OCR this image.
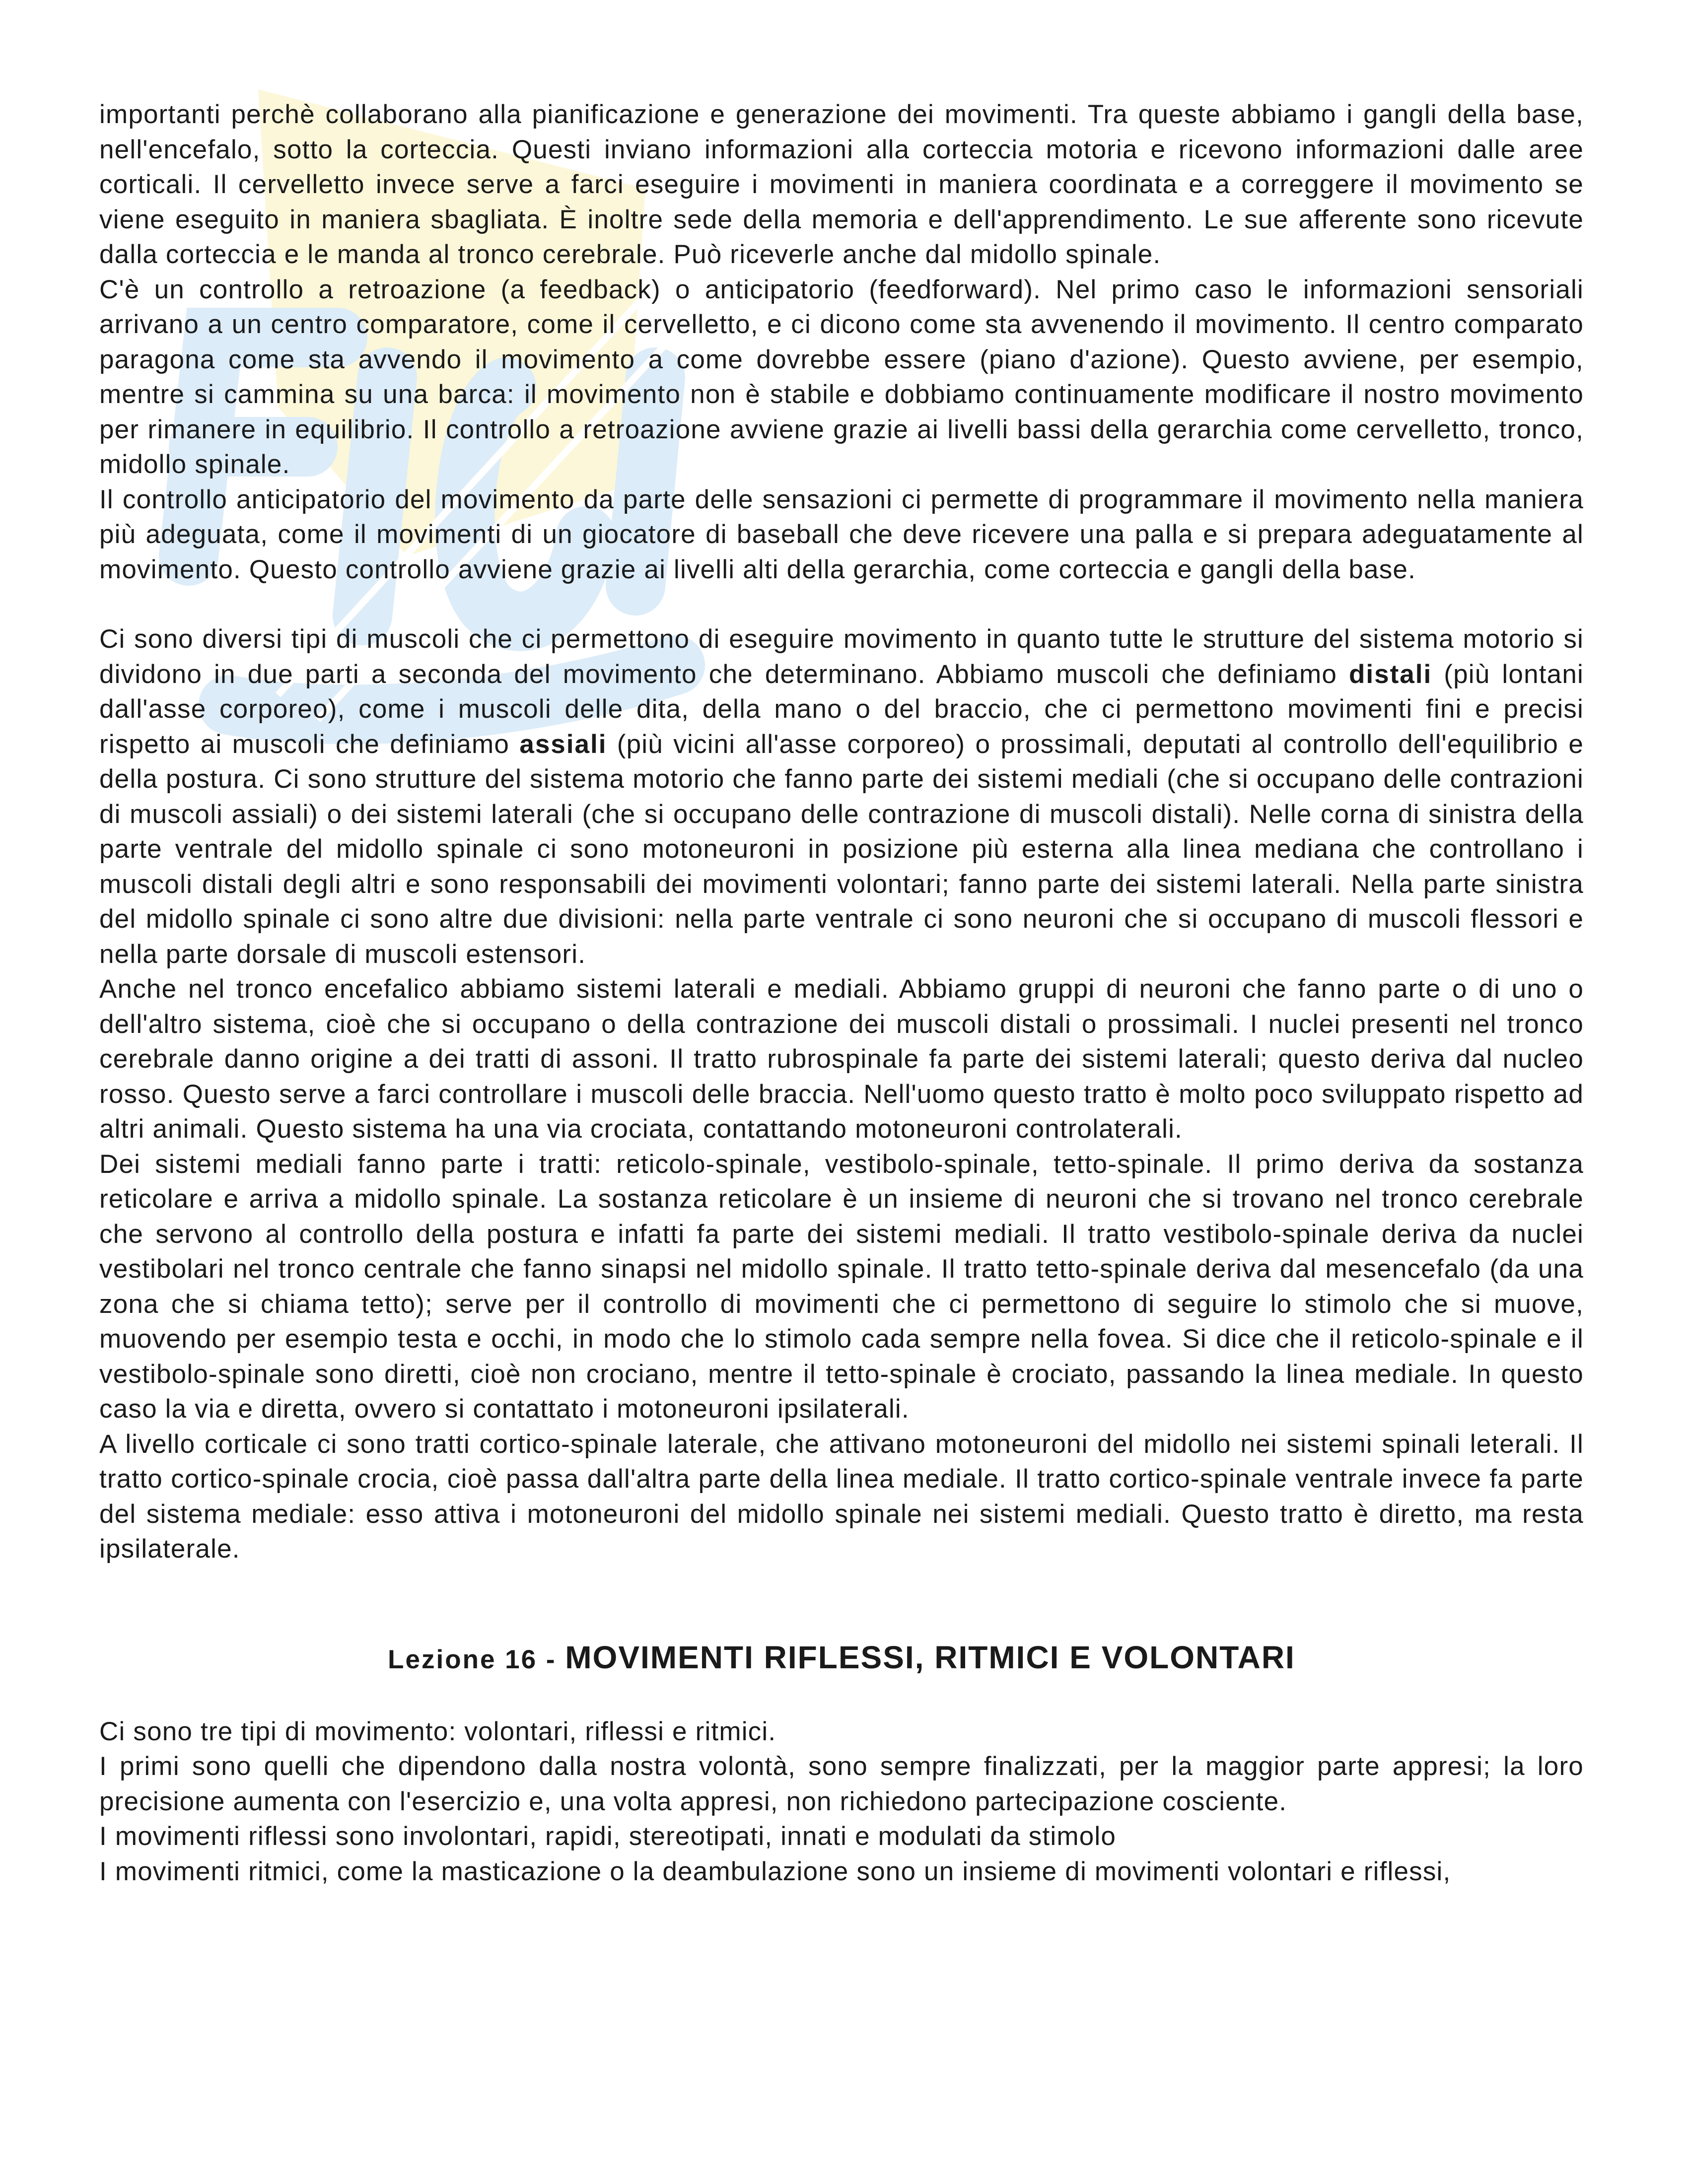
importanti perchè collaborano alla pianificazione e generazione dei movimenti. Tra queste abbiamo i gangli della base, nell'encefalo, sotto la corteccia. Questi inviano informazioni alla corteccia motoria e ricevono informazioni dalle aree corticali. Il cervelletto invece serve a farci eseguire i movimenti in maniera coordinata e a correggere il movimento se viene eseguito in maniera sbagliata. È inoltre sede della memoria e dell'apprendimento. Le sue afferente sono ricevute dalla corteccia e le manda al tronco cerebrale. Può riceverle anche dal midollo spinale.

C'è un controllo a retroazione (a feedback) o anticipatorio (feedforward). Nel primo caso le informazioni sensoriali arrivano a un centro comparatore, come il cervelletto, e ci dicono come sta avvenendo il movimento. Il centro comparato paragona come sta avvendo il movimento a come dovrebbe essere (piano d'azione). Questo avviene, per esempio, mentre si cammina su una barca: il movimento non è stabile e dobbiamo continuamente modificare il nostro movimento per rimanere in equilibrio. Il controllo a retroazione avviene grazie ai livelli bassi della gerarchia come cervelletto, tronco, midollo spinale.

Il controllo anticipatorio del movimento da parte delle sensazioni ci permette di programmare il movimento nella maniera più adeguata, come il movimenti di un giocatore di baseball che deve ricevere una palla e si prepara adeguatamente al movimento. Questo controllo avviene grazie ai livelli alti della gerarchia, come corteccia e gangli della base.

Ci sono diversi tipi di muscoli che ci permettono di eseguire movimento in quanto tutte le strutture del sistema motorio si dividono in due parti a seconda del movimento che determinano. Abbiamo muscoli che definiamo distali (più lontani dall'asse corporeo), come i muscoli delle dita, della mano o del braccio, che ci permettono movimenti fini e precisi rispetto ai muscoli che definiamo assiali (più vicini all'asse corporeo) o prossimali, deputati al controllo dell'equilibrio e della postura. Ci sono strutture del sistema motorio che fanno parte dei sistemi mediali (che si occupano delle contrazioni di muscoli assiali) o dei sistemi laterali (che si occupano delle contrazione di muscoli distali). Nelle corna di sinistra della parte ventrale del midollo spinale ci sono motoneuroni in posizione più esterna alla linea mediana che controllano i muscoli distali degli altri e sono responsabili dei movimenti volontari; fanno parte dei sistemi laterali. Nella parte sinistra del midollo spinale ci sono altre due divisioni: nella parte ventrale ci sono neuroni che si occupano di muscoli flessori e nella parte dorsale di muscoli estensori.

Anche nel tronco encefalico abbiamo sistemi laterali e mediali. Abbiamo gruppi di neuroni che fanno parte o di uno o dell'altro sistema, cioè che si occupano o della contrazione dei muscoli distali o prossimali. I nuclei presenti nel tronco cerebrale danno origine a dei tratti di assoni. Il tratto rubrospinale fa parte dei sistemi laterali; questo deriva dal nucleo rosso. Questo serve a farci controllare i muscoli delle braccia. Nell'uomo questo tratto è molto poco sviluppato rispetto ad altri animali. Questo sistema ha una via crociata, contattando motoneuroni controlaterali.

Dei sistemi mediali fanno parte i tratti: reticolo-spinale, vestibolo-spinale, tetto-spinale. Il primo deriva da sostanza reticolare e arriva a midollo spinale. La sostanza reticolare è un insieme di neuroni che si trovano nel tronco cerebrale che servono al controllo della postura e infatti fa parte dei sistemi mediali. Il tratto vestibolo-spinale deriva da nuclei vestibolari nel tronco centrale che fanno sinapsi nel midollo spinale. Il tratto tetto-spinale deriva dal mesencefalo (da una zona che si chiama tetto); serve per il controllo di movimenti che ci permettono di seguire lo stimolo che si muove, muovendo per esempio testa e occhi, in modo che lo stimolo cada sempre nella fovea. Si dice che il reticolo-spinale e il vestibolo-spinale sono diretti, cioè non crociano, mentre il tetto-spinale è crociato, passando la linea mediale. In questo caso la via e diretta, ovvero si contattato i motoneuroni ipsilaterali.

A livello corticale ci sono tratti cortico-spinale laterale, che attivano motoneuroni del midollo nei sistemi spinali leterali. Il tratto cortico-spinale crocia, cioè passa dall'altra parte della linea mediale. Il tratto cortico-spinale ventrale invece fa parte del sistema mediale: esso attiva i motoneuroni del midollo spinale nei sistemi mediali. Questo tratto è diretto, ma resta ipsilaterale.

Lezione 16 - MOVIMENTI RIFLESSI, RITMICI E VOLONTARI

Ci sono tre tipi di movimento: volontari, riflessi e ritmici.

I primi sono quelli che dipendono dalla nostra volontà, sono sempre finalizzati, per la maggior parte appresi; la loro precisione aumenta con l'esercizio e, una volta appresi, non richiedono partecipazione cosciente.

I movimenti riflessi sono involontari, rapidi, stereotipati, innati e modulati da stimolo

I movimenti ritmici, come la masticazione o la deambulazione sono un insieme di movimenti volontari e riflessi,
